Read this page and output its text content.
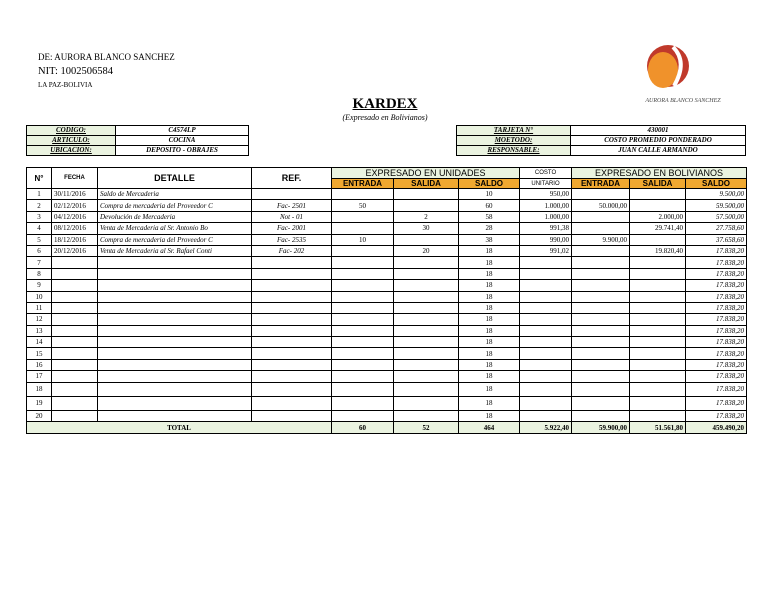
DE: AURORA BLANCO SANCHEZ
NIT: 1002506584
LA PAZ-BOLIVIA
AURORA BLANCO SANCHEZ
KARDEX
(Expresado en Bolivianos)
CODIGO:	C4574LP
ARTICULO:	COCINA
UBICACION:	DEPOSITO - OBRAJES
TARJETA N°	430001
MOETODO:	COSTO PROMEDIO PONDERADO
RESPONSABLE:	JUAN CALLE ARMANDO
N°	FECHA	DETALLE	REF.	EXPRESADO EN UNIDADES			COSTO	EXPRESADO EN BOLIVIANOS		
				ENTRADA	SALIDA	SALDO	UNITARIO	ENTRADA	SALIDA	SALDO
1	30/11/2016	Saldo de Mercaderia				10	950,00			9.500,00
2	02/12/2016	Compra de mercaderia del Proveedor C	Fac- 2501	50		60	1.000,00	50.000,00		59.500,00
3	04/12/2016	Devolución de Mercaderia	Not - 01		2	58	1.000,00		2.000,00	57.500,00
4	08/12/2016	Venta de Mercaderia al Sr. Antonio Bo	Fac- 2001		30	28	991,38		29.741,40	27.758,60
5	18/12/2016	Compra de mercaderia del Proveedor C	Fac- 2535	10		38	990,00	9.900,00		37.658,60
6	20/12/2016	Venta de Mercaderia al Sr. Rafael Conti	Fac- 202		20	18	991,02		19.820,40	17.838,20
7						18				17.838,20
8						18				17.838,20
9						18				17.838,20
10						18				17.838,20
11						18				17.838,20
12						18				17.838,20
13						18				17.838,20
14						18				17.838,20
15						18				17.838,20
16						18				17.838,20
17						18				17.838,20
18						18				17.838,20
19						18				17.838,20
20						18				17.838,20
TOTAL				60	52	464	5.922,40	59.900,00	51.561,80	459.490,20
